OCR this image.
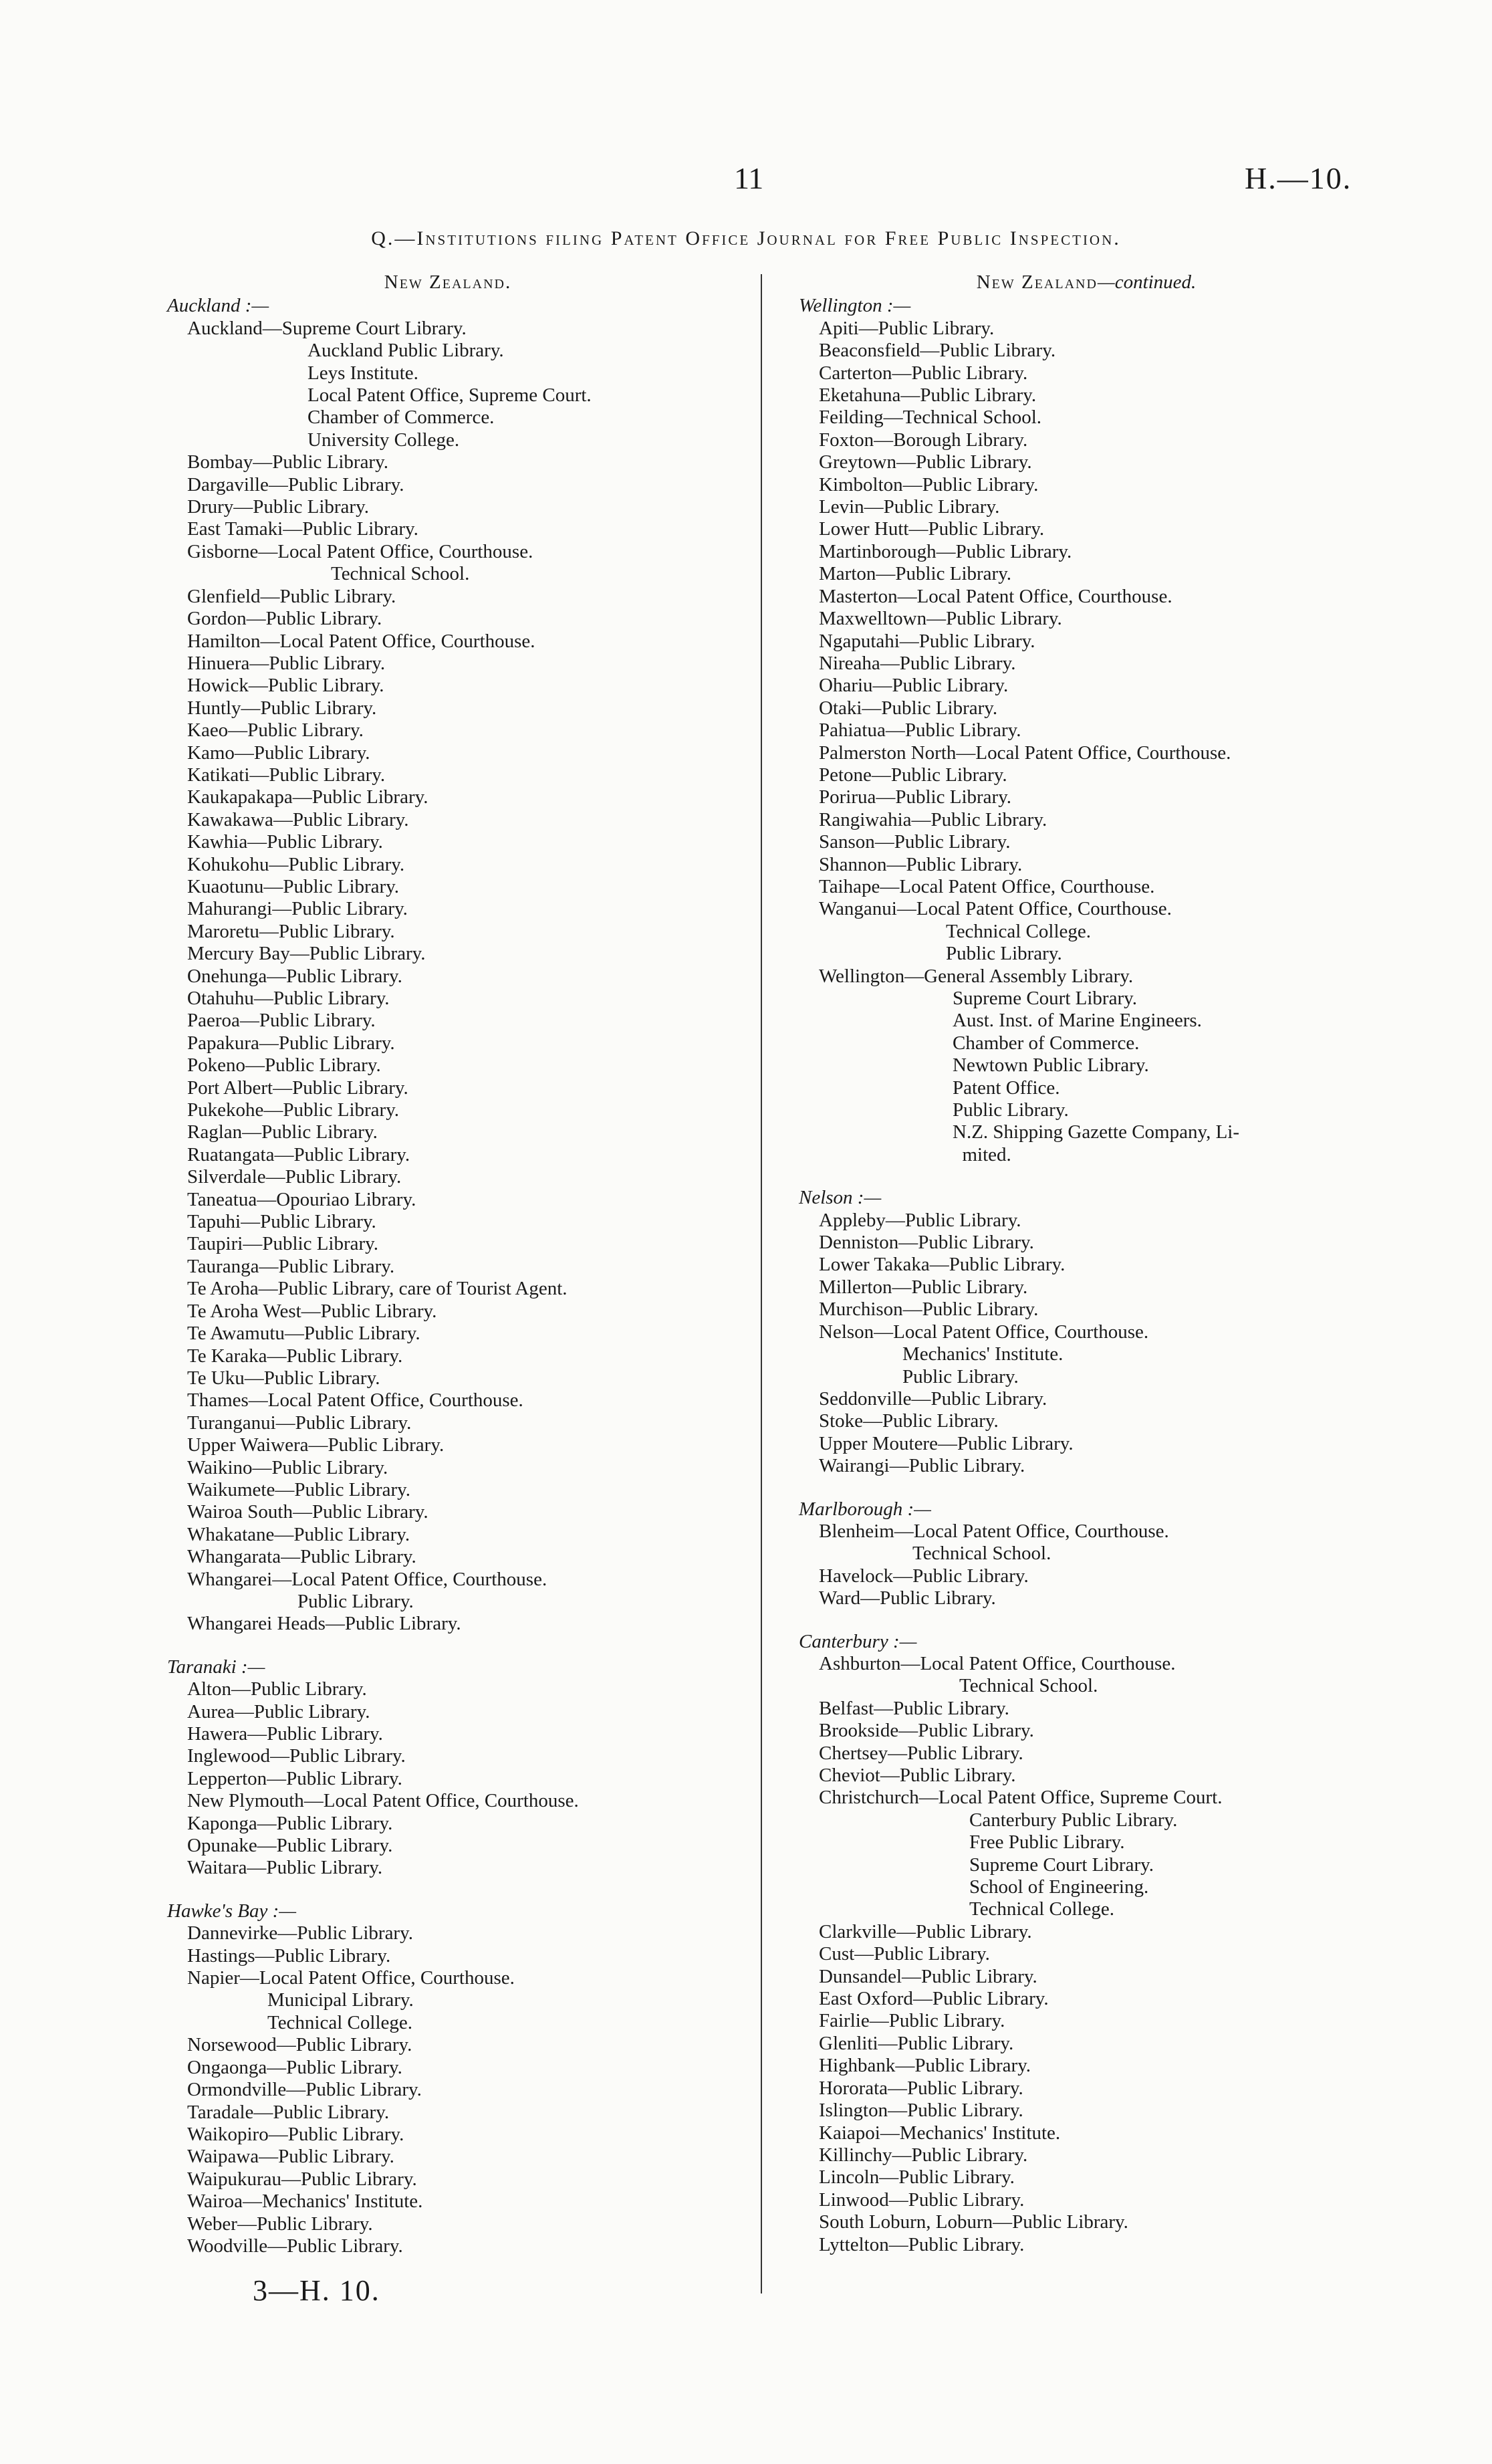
11	H.—10.
Q.—Institutions filing Patent Office Journal for Free Public Inspection.
New Zealand.
Auckland :—
Auckland—Supreme Court Library.
Auckland Public Library.
Leys Institute.
Local Patent Office, Supreme Court.
Chamber of Commerce.
University College.
Bombay—Public Library.
Dargaville—Public Library.
Drury—Public Library.
East Tamaki—Public Library.
Gisborne—Local Patent Office, Courthouse.
Technical School.
Glenfield—Public Library.
Gordon—Public Library.
Hamilton—Local Patent Office, Courthouse.
Hinuera—Public Library.
Howick—Public Library.
Huntly—Public Library.
Kaeo—Public Library.
Kamo—Public Library.
Katikati—Public Library.
Kaukapakapa—Public Library.
Kawakawa—Public Library.
Kawhia—Public Library.
Kohukohu—Public Library.
Kuaotunu—Public Library.
Mahurangi—Public Library.
Maroretu—Public Library.
Mercury Bay—Public Library.
Onehunga—Public Library.
Otahuhu—Public Library.
Paeroa—Public Library.
Papakura—Public Library.
Pokeno—Public Library.
Port Albert—Public Library.
Pukekohe—Public Library.
Raglan—Public Library.
Ruatangata—Public Library.
Silverdale—Public Library.
Taneatua—Opouriao Library.
Tapuhi—Public Library.
Taupiri—Public Library.
Tauranga—Public Library.
Te Aroha—Public Library, care of Tourist Agent.
Te Aroha West—Public Library.
Te Awamutu—Public Library.
Te Karaka—Public Library.
Te Uku—Public Library.
Thames—Local Patent Office, Courthouse.
Turanganui—Public Library.
Upper Waiwera—Public Library.
Waikino—Public Library.
Waikumete—Public Library.
Wairoa South—Public Library.
Whakatane—Public Library.
Whangarata—Public Library.
Whangarei—Local Patent Office, Courthouse.
Public Library.
Whangarei Heads—Public Library.
Taranaki :—
Alton—Public Library.
Aurea—Public Library.
Hawera—Public Library.
Inglewood—Public Library.
Lepperton—Public Library.
New Plymouth—Local Patent Office, Courthouse.
Kaponga—Public Library.
Opunake—Public Library.
Waitara—Public Library.
Hawke's Bay :—
Dannevirke—Public Library.
Hastings—Public Library.
Napier—Local Patent Office, Courthouse.
Municipal Library.
Technical College.
Norsewood—Public Library.
Ongaonga—Public Library.
Ormondville—Public Library.
Taradale—Public Library.
Waikopiro—Public Library.
Waipawa—Public Library.
Waipukurau—Public Library.
Wairoa—Mechanics' Institute.
Weber—Public Library.
Woodville—Public Library.
New Zealand—continued.
Wellington :—
Apiti—Public Library.
Beaconsfield—Public Library.
Carterton—Public Library.
Eketahuna—Public Library.
Feilding—Technical School.
Foxton—Borough Library.
Greytown—Public Library.
Kimbolton—Public Library.
Levin—Public Library.
Lower Hutt—Public Library.
Martinborough—Public Library.
Marton—Public Library.
Masterton—Local Patent Office, Courthouse.
Maxwelltown—Public Library.
Ngaputahi—Public Library.
Nireaha—Public Library.
Ohariu—Public Library.
Otaki—Public Library.
Pahiatua—Public Library.
Palmerston North—Local Patent Office, Courthouse.
Petone—Public Library.
Porirua—Public Library.
Rangiwahia—Public Library.
Sanson—Public Library.
Shannon—Public Library.
Taihape—Local Patent Office, Courthouse.
Wanganui—Local Patent Office, Courthouse.
Technical College.
Public Library.
Wellington—General Assembly Library.
Supreme Court Library.
Aust. Inst. of Marine Engineers.
Chamber of Commerce.
Newtown Public Library.
Patent Office.
Public Library.
N.Z. Shipping Gazette Company, Li-
mited.
Nelson :—
Appleby—Public Library.
Denniston—Public Library.
Lower Takaka—Public Library.
Millerton—Public Library.
Murchison—Public Library.
Nelson—Local Patent Office, Courthouse.
Mechanics' Institute.
Public Library.
Seddonville—Public Library.
Stoke—Public Library.
Upper Moutere—Public Library.
Wairangi—Public Library.
Marlborough :—
Blenheim—Local Patent Office, Courthouse.
Technical School.
Havelock—Public Library.
Ward—Public Library.
Canterbury :—
Ashburton—Local Patent Office, Courthouse.
Technical School.
Belfast—Public Library.
Brookside—Public Library.
Chertsey—Public Library.
Cheviot—Public Library.
Christchurch—Local Patent Office, Supreme Court.
Canterbury Public Library.
Free Public Library.
Supreme Court Library.
School of Engineering.
Technical College.
Clarkville—Public Library.
Cust—Public Library.
Dunsandel—Public Library.
East Oxford—Public Library.
Fairlie—Public Library.
Glenliti—Public Library.
Highbank—Public Library.
Hororata—Public Library.
Islington—Public Library.
Kaiapoi—Mechanics' Institute.
Killinchy—Public Library.
Lincoln—Public Library.
Linwood—Public Library.
South Loburn, Loburn—Public Library.
Lyttelton—Public Library.
3—H. 10.
